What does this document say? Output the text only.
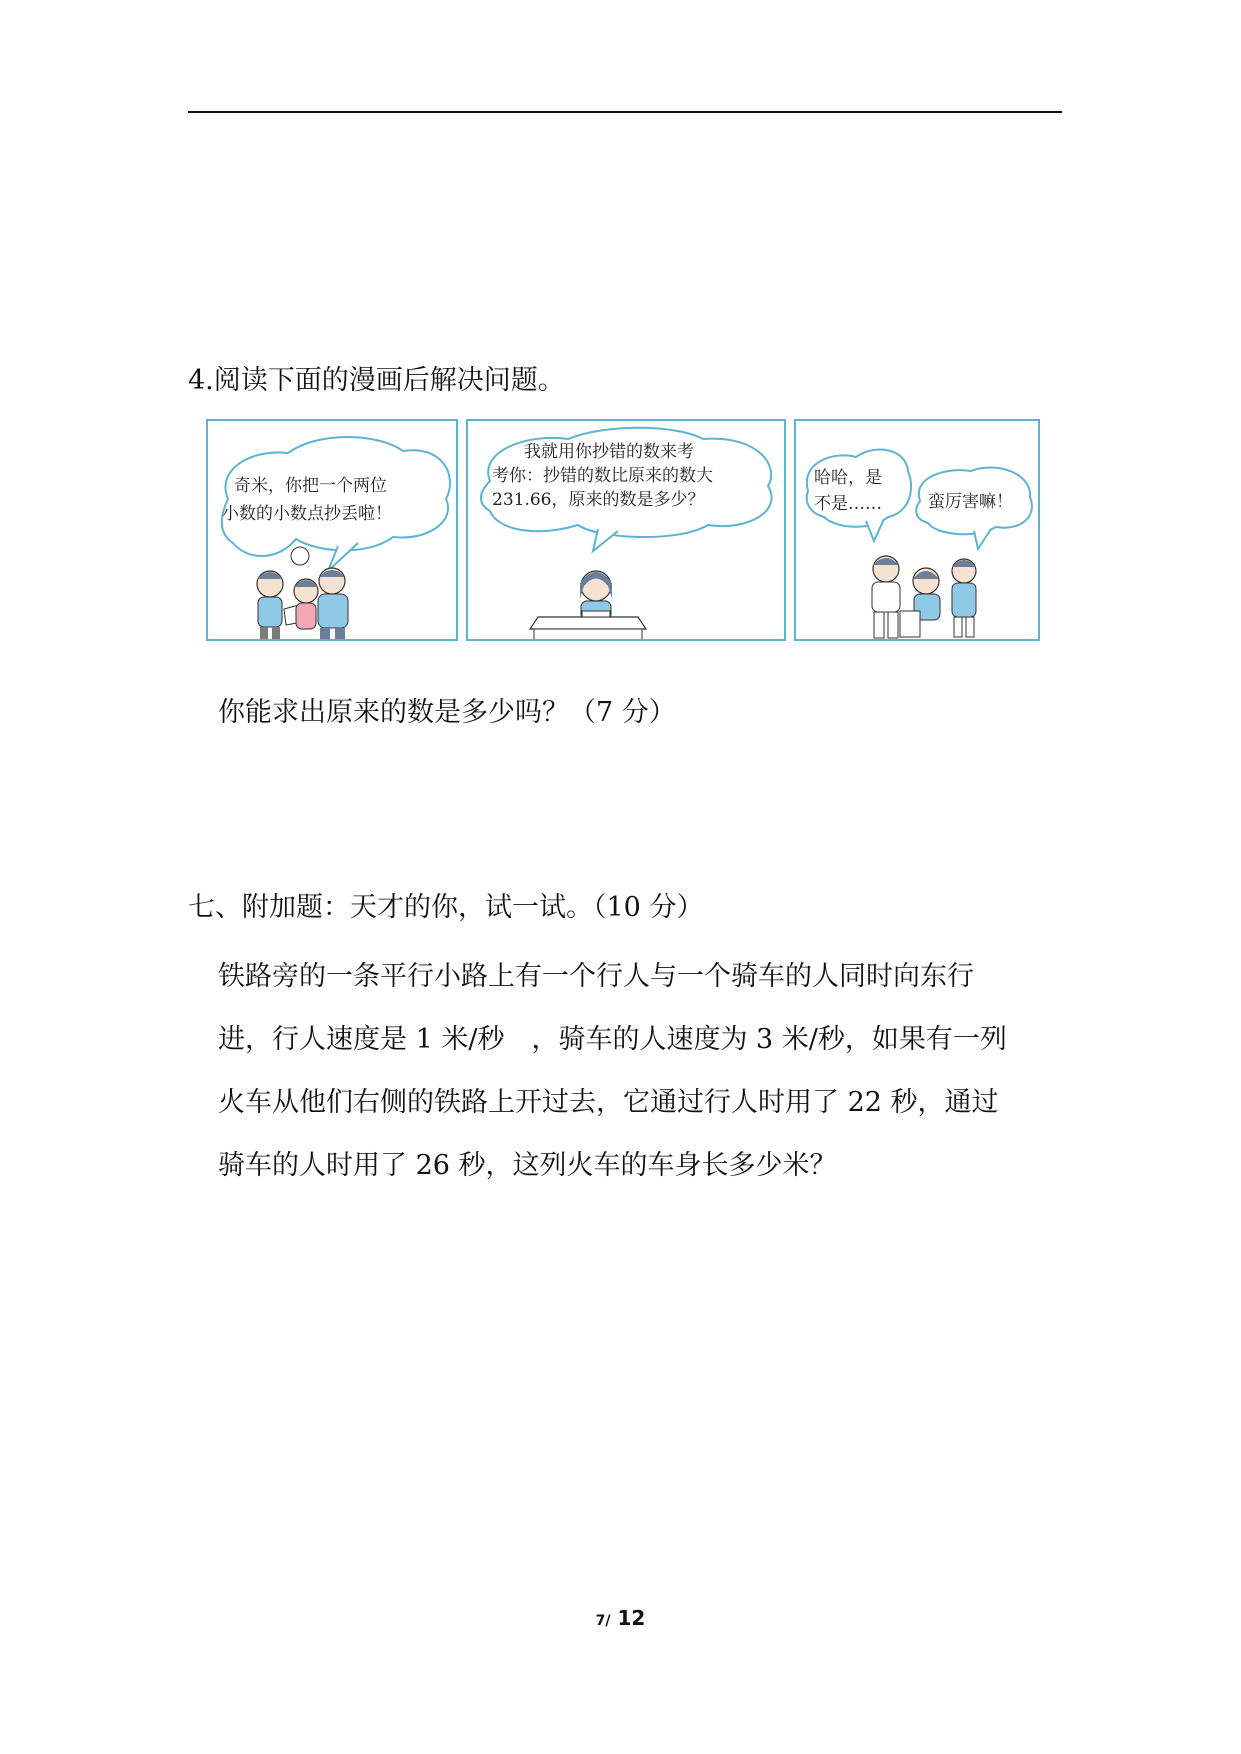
4.阅读下面的漫画后解决问题。
奇米，你把一个两位
小数的小数点抄丢啦！
我就用你抄错的数来考
考你：抄错的数比原来的数大
231.66，原来的数是多少？
哈哈，是
不是……	蛮厉害嘛！
你能求出原来的数是多少吗？（7 分）
七、附加题：天才的你，试一试。（10 分）
铁路旁的一条平行小路上有一个行人与一个骑车的人同时向东行
进，行人速度是 1 米/秒　，骑车的人速度为 3 米/秒，如果有一列
火车从他们右侧的铁路上开过去，它通过行人时用了 22 秒，通过
骑车的人时用了 26 秒，这列火车的车身长多少米？
7/ 12
